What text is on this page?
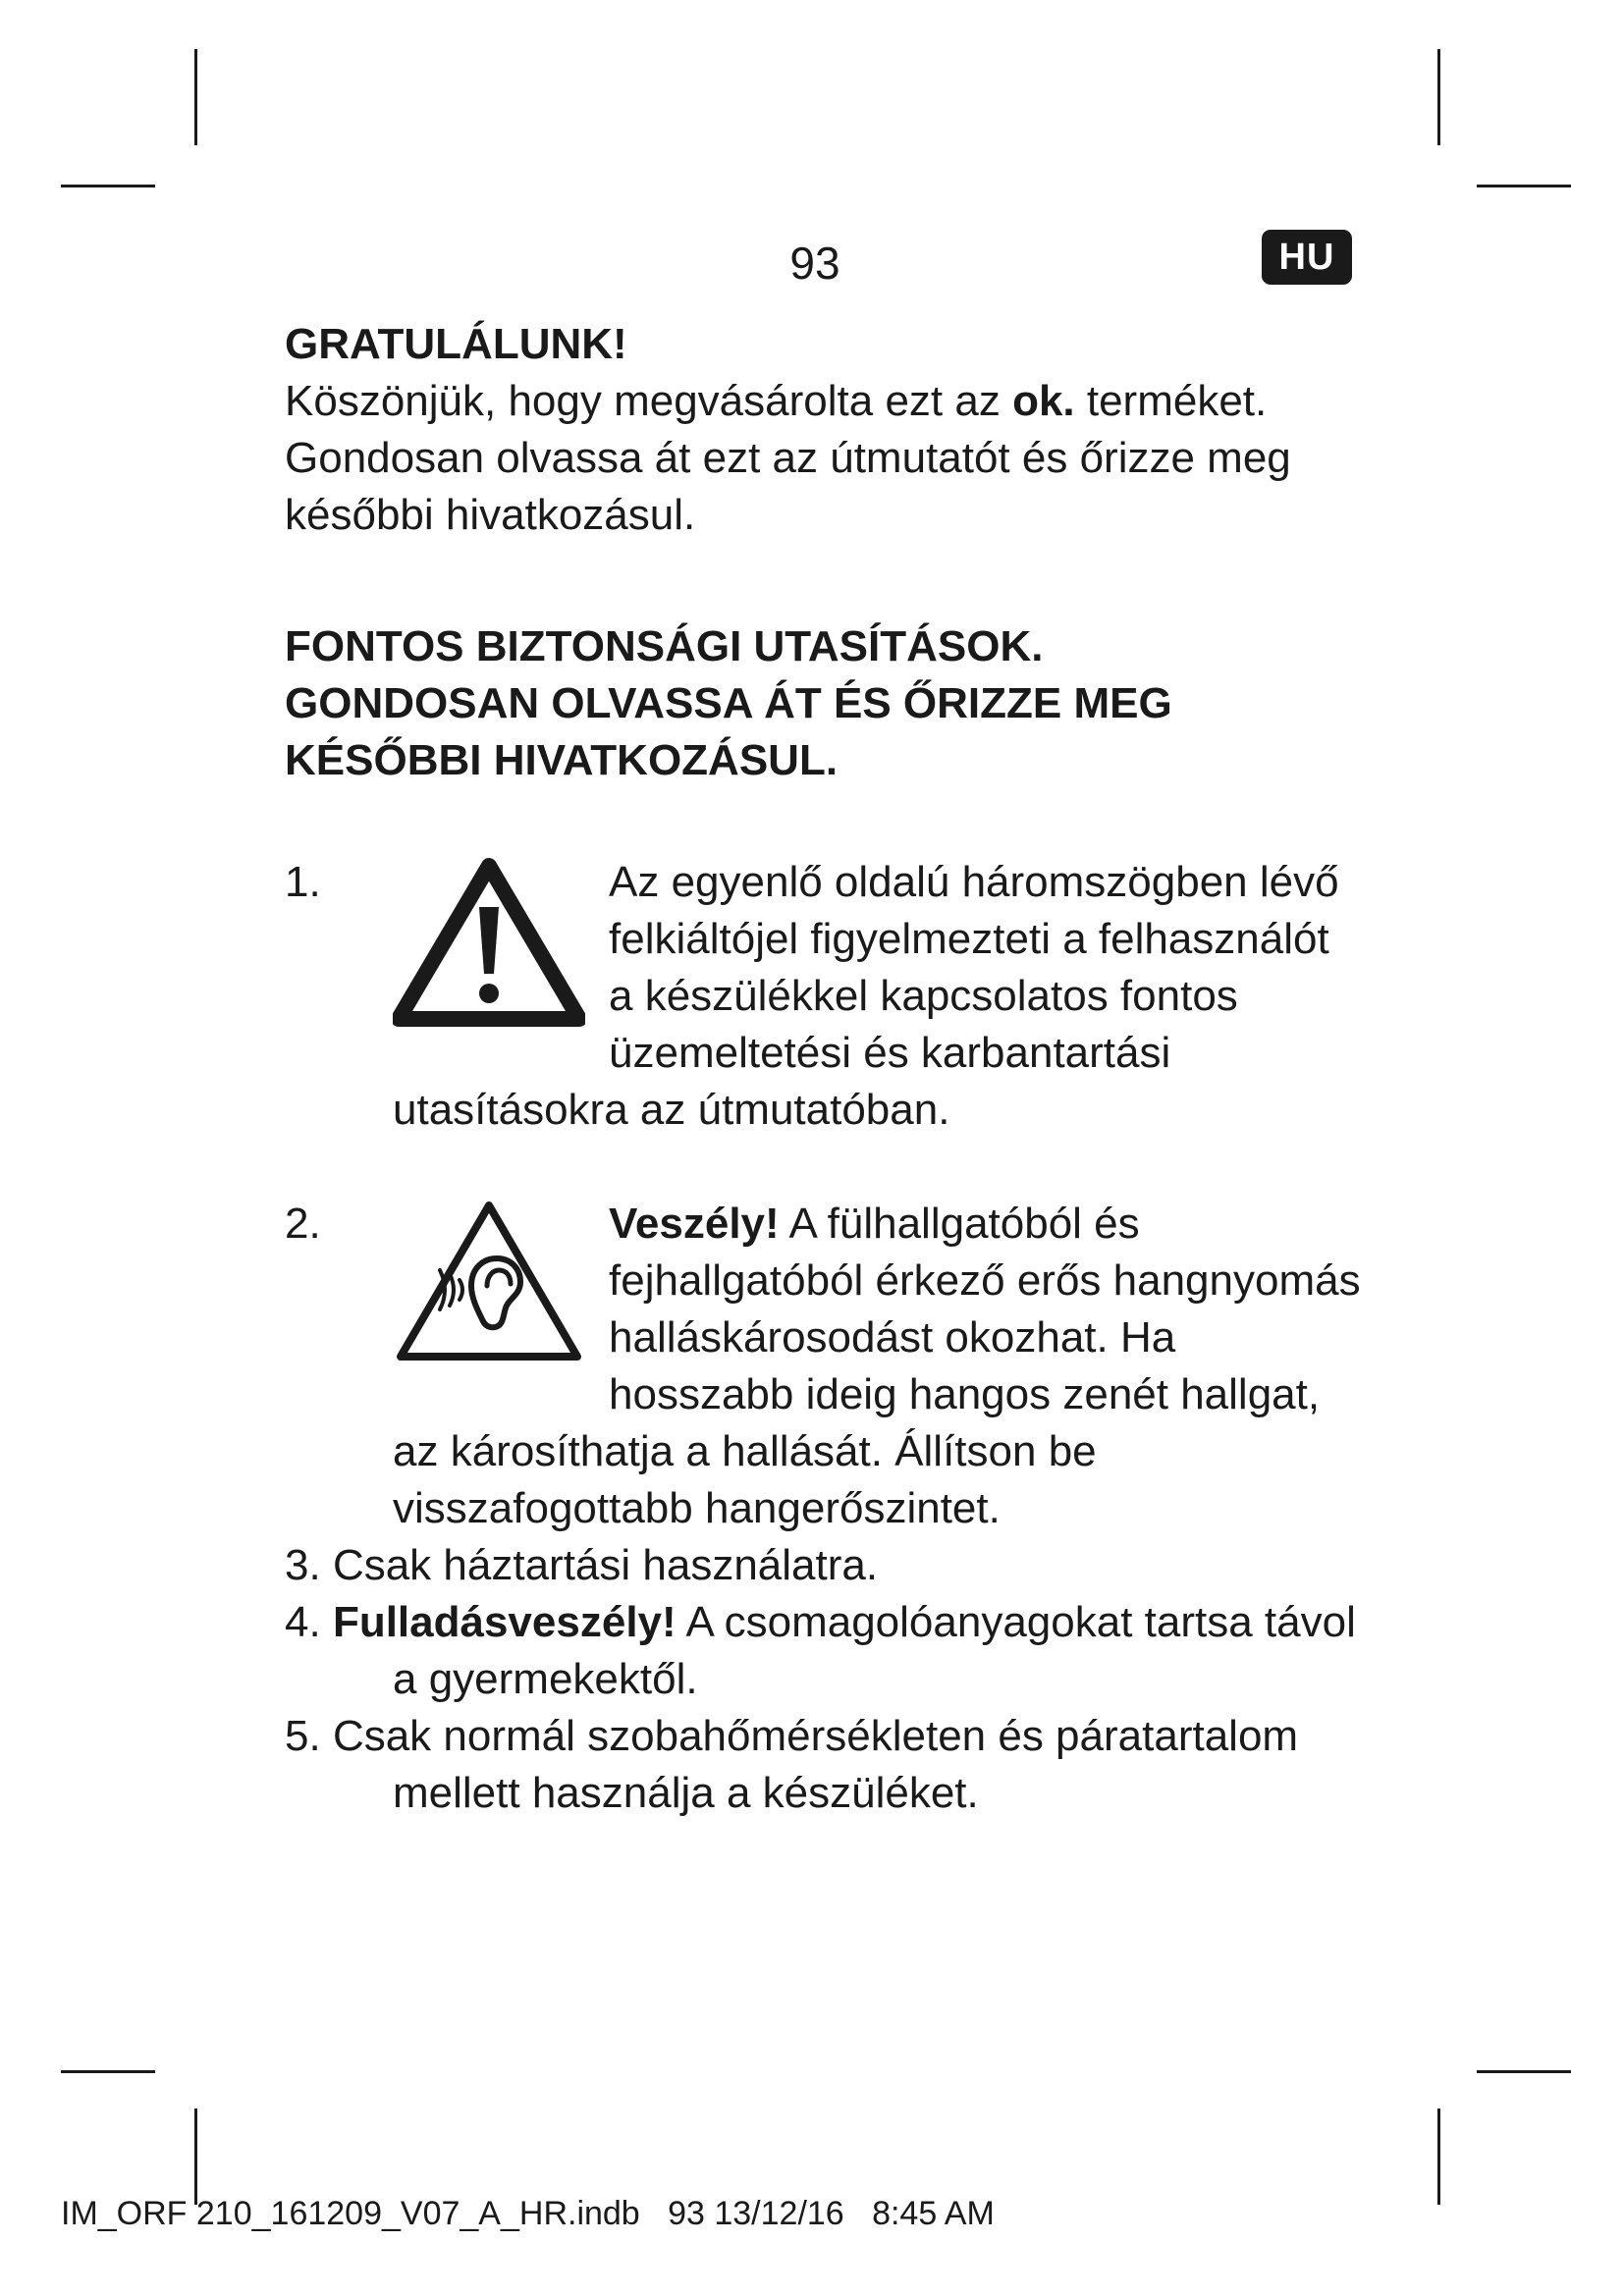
93	HU
GRATULÁLUNK!

Köszönjük, hogy megvásárolta ezt az ok. terméket. Gondosan olvassa át ezt az útmutatót és őrizze meg későbbi hivatkozásul.

FONTOS BIZTONSÁGI UTASÍTÁSOK.
GONDOSAN OLVASSA ÁT ÉS ŐRIZZE MEG
KÉSŐBBI HIVATKOZÁSUL.
1.	Az egyenlő oldalú háromszögben lévő felkiáltójel figyelmezteti a felhasználót a készülékkel kapcsolatos fontos üzemeltetési és karbantartási utasításokra az útmutatóban.
2.	Veszély! A fülhallgatóból és fejhallgatóból érkező erős hangnyomás halláskárosodást okozhat. Ha hosszabb ideig hangos zenét hallgat, az károsíthatja a hallását. Állítson be visszafogottabb hangerőszintet.
3. Csak háztartási használatra.
4. Fulladásveszély! A csomagolóanyagokat tartsa távol a gyermekektől.
5. Csak normál szobahőmérsékleten és páratartalom mellett használja a készüléket.
IM_ORF 210_161209_V07_A_HR.indb 93 13/12/16 8:45 AM
